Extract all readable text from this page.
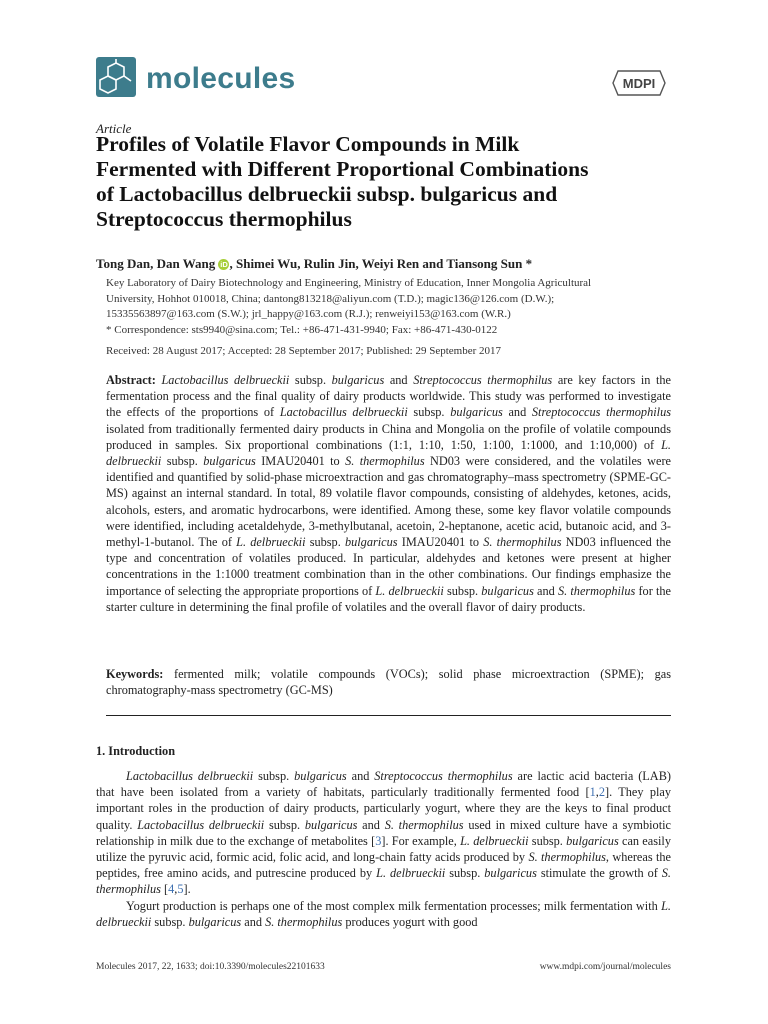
molecules	MDPI
Article
Profiles of Volatile Flavor Compounds in Milk
Fermented with Different Proportional Combinations
of Lactobacillus delbrueckii subsp. bulgaricus and
Streptococcus thermophilus
Tong Dan, Dan Wang iD , Shimei Wu, Rulin Jin, Weiyi Ren and Tiansong Sun *
Key Laboratory of Dairy Biotechnology and Engineering, Ministry of Education, Inner Mongolia Agricultural
University, Hohhot 010018, China; dantong813218@aliyun.com (T.D.); magic136@126.com (D.W.);
15335563897@163.com (S.W.); jrl_happy@163.com (R.J.); renweiyi153@163.com (W.R.)
* Correspondence: sts9940@sina.com; Tel.: +86-471-431-9940; Fax: +86-471-430-0122
Received: 28 August 2017; Accepted: 28 September 2017; Published: 29 September 2017
Abstract: Lactobacillus delbrueckii subsp. bulgaricus and Streptococcus thermophilus are key factors in the fermentation process and the final quality of dairy products worldwide. This study was performed to investigate the effects of the proportions of Lactobacillus delbrueckii subsp. bulgaricus and Streptococcus thermophilus isolated from traditionally fermented dairy products in China and Mongolia on the profile of volatile compounds produced in samples. Six proportional combinations (1:1, 1:10, 1:50, 1:100, 1:1000, and 1:10,000) of L. delbrueckii subsp. bulgaricus IMAU20401 to S. thermophilus ND03 were considered, and the volatiles were identified and quantified by solid-phase microextraction and gas chromatography–mass spectrometry (SPME-GC-MS) against an internal standard. In total, 89 volatile flavor compounds, consisting of aldehydes, ketones, acids, alcohols, esters, and aromatic hydrocarbons, were identified. Among these, some key flavor volatile compounds were identified, including acetaldehyde, 3-methylbutanal, acetoin, 2-heptanone, acetic acid, butanoic acid, and 3-methyl-1-butanol. The of L. delbrueckii subsp. bulgaricus IMAU20401 to S. thermophilus ND03 influenced the type and concentration of volatiles produced. In particular, aldehydes and ketones were present at higher concentrations in the 1:1000 treatment combination than in the other combinations. Our findings emphasize the importance of selecting the appropriate proportions of L. delbrueckii subsp. bulgaricus and S. thermophilus for the starter culture in determining the final profile of volatiles and the overall flavor of dairy products.
Keywords: fermented milk; volatile compounds (VOCs); solid phase microextraction (SPME); gas chromatography-mass spectrometry (GC-MS)
1. Introduction

Lactobacillus delbrueckii subsp. bulgaricus and Streptococcus thermophilus are lactic acid bacteria (LAB) that have been isolated from a variety of habitats, particularly traditionally fermented food [1,2]. They play important roles in the production of dairy products, particularly yogurt, where they are the keys to final product quality. Lactobacillus delbrueckii subsp. bulgaricus and S. thermophilus used in mixed culture have a symbiotic relationship in milk due to the exchange of metabolites [3]. For example, L. delbrueckii subsp. bulgaricus can easily utilize the pyruvic acid, formic acid, folic acid, and long-chain fatty acids produced by S. thermophilus, whereas the peptides, free amino acids, and putrescine produced by L. delbrueckii subsp. bulgaricus stimulate the growth of S. thermophilus [4,5].

Yogurt production is perhaps one of the most complex milk fermentation processes; milk fermentation with L. delbrueckii subsp. bulgaricus and S. thermophilus produces yogurt with good

Molecules 2017, 22, 1633; doi:10.3390/molecules22101633	www.mdpi.com/journal/molecules
